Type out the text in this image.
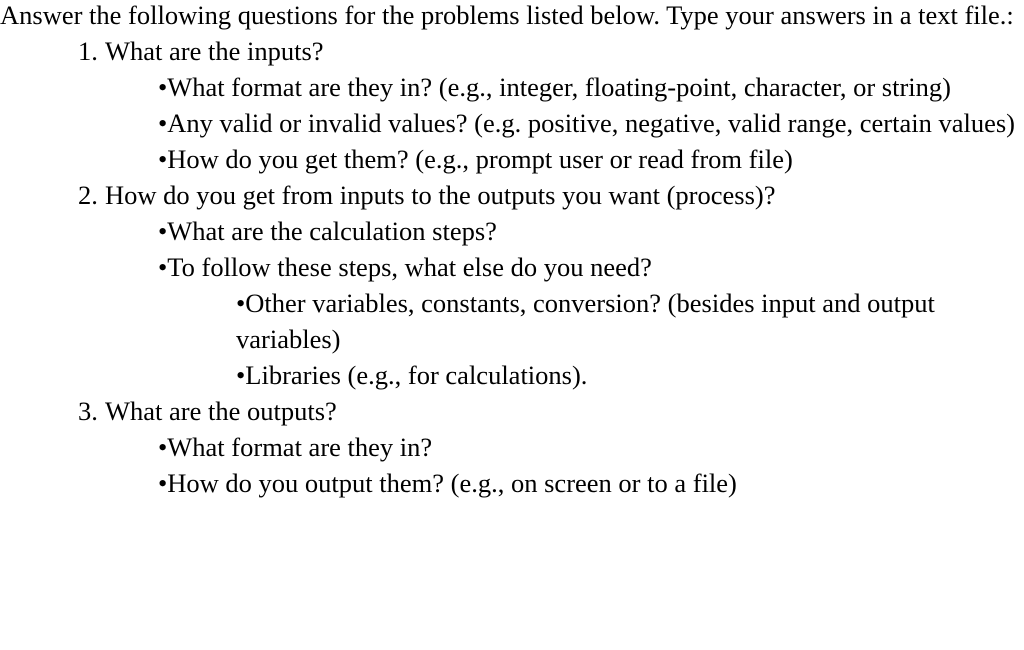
Answer the following questions for the problems listed below. Type your answers in a text file.:

1. What are the inputs?
•What format are they in? (e.g., integer, floating-point, character, or string)
•Any valid or invalid values? (e.g. positive, negative, valid range, certain values)
•How do you get them? (e.g., prompt user or read from file)
2. How do you get from inputs to the outputs you want (process)?
•What are the calculation steps?
•To follow these steps, what else do you need?
•Other variables, constants, conversion? (besides input and output variables)
•Libraries (e.g., for calculations).
3. What are the outputs?
•What format are they in?
•How do you output them? (e.g., on screen or to a file)
